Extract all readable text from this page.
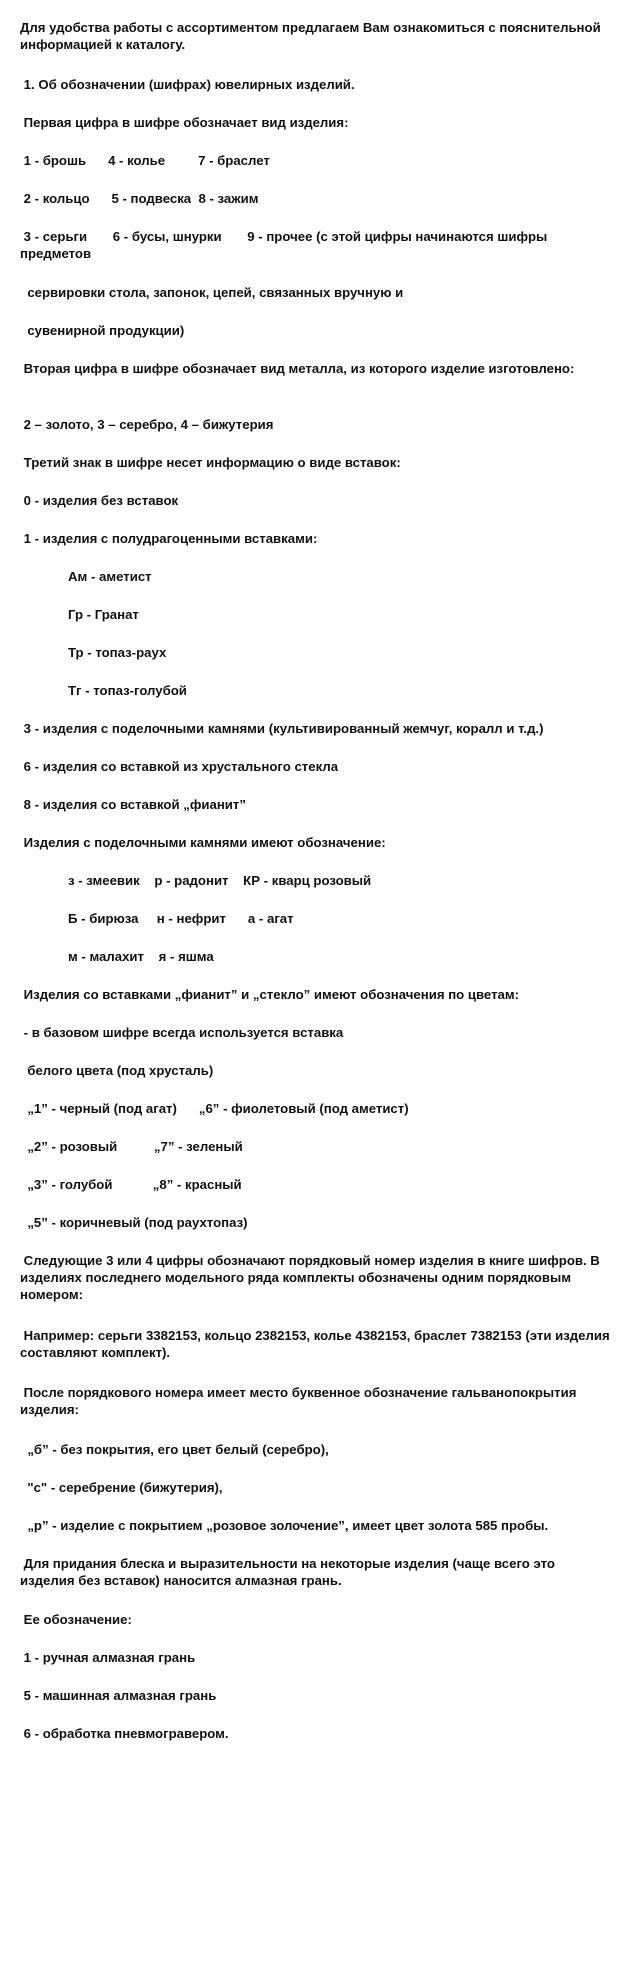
Для удобства работы с ассортиментом предлагаем Вам ознакомиться с пояснительной информацией к каталогу.
1. Об обозначении (шифрах) ювелирных изделий.
Первая цифра в шифре обозначает вид изделия:
1 - брошь      4 - колье         7 - браслет
2 - кольцо      5 - подвеска  8 - зажим
3 - серьги       6 - бусы, шнурки       9 - прочее (с этой цифры начинаются шифры предметов
сервировки стола, запонок, цепей, связанных вручную и
сувенирной продукции)
Вторая цифра в шифре обозначает вид металла, из которого изделие изготовлено:
2 – золото, 3 – серебро, 4 – бижутерия
Третий знак в шифре несет информацию о виде вставок:
0 - изделия без вставок
1 - изделия с полудрагоценными вставками:
Ам - аметист
Гр - Гранат
Тр - топаз-раух
Тг - топаз-голубой
3 - изделия с поделочными камнями (культивированный жемчуг, коралл и т.д.)
6 - изделия со вставкой из хрустального стекла
8 - изделия со вставкой „фианит”
Изделия с поделочными камнями имеют обозначение:
з - змеевик    р - радонит    КР - кварц розовый
Б - бирюза     н - нефрит      а - агат
м - малахит    я - яшма
Изделия со вставками „фианит” и „стекло” имеют обозначения по цветам:
- в базовом шифре всегда используется вставка
белого цвета (под хрусталь)
„1” - черный (под агат)      „6” - фиолетовый (под аметист)
„2” - розовый          „7” - зеленый
„3” - голубой           „8” - красный
„5” - коричневый (под раухтопаз)
Следующие 3 или 4 цифры обозначают порядковый номер изделия в книге шифров. В изделиях последнего модельного ряда комплекты обозначены одним порядковым номером:
Например: серьги 3382153, кольцо 2382153, колье 4382153, браслет 7382153 (эти изделия составляют комплект).
После порядкового номера имеет место буквенное обозначение гальванопокрытия изделия:
„б” - без покрытия, его цвет белый (серебро),
"с" - серебрение (бижутерия),
„р” - изделие с покрытием „розовое золочение”, имеет цвет золота 585 пробы.
Для придания блеска и выразительности на некоторые изделия (чаще всего это изделия без вставок) наносится алмазная грань.
Ее обозначение:
1 - ручная алмазная грань
5 - машинная алмазная грань
6 - обработка пневмогравером.
